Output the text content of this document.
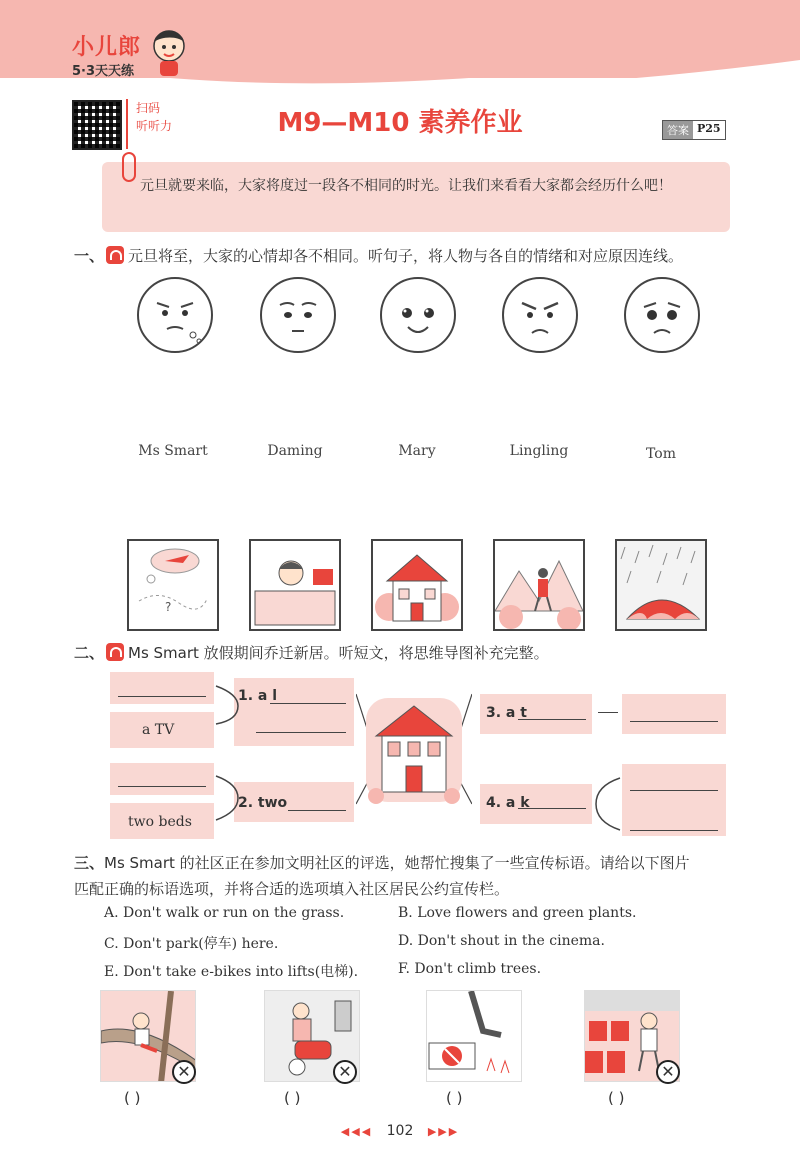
小儿郎
5·3天天练
扫码
听听力	M9—M10 素养作业	答案 P25
元旦就要来临，大家将度过一段各不相同的时光。让我们来看看大家都会经历什么吧！
一、 元旦将至，大家的心情却各不相同。听句子，将人物与各自的情绪和对应原因连线。
Ms Smart	Daming	Mary	Lingling	Tom
?
二、 Ms Smart 放假期间乔迁新居。听短文，将思维导图补充完整。
a TV
two beds
1. a l
2. two
3. a t
4. a k
三、Ms Smart 的社区正在参加文明社区的评选，她帮忙搜集了一些宣传标语。请给以下图片
匹配正确的标语选项，并将合适的选项填入社区居民公约宣传栏。
A. Don't walk or run on the grass.	B. Love flowers and green plants.
C. Don't park(停车) here.	D. Don't shout in the cinema.
E. Don't take e-bikes into lifts(电梯).	F. Don't climb trees.
✕	✕	✕
( )	( )	( )	( )
◀◀◀ 102 ▶▶▶
